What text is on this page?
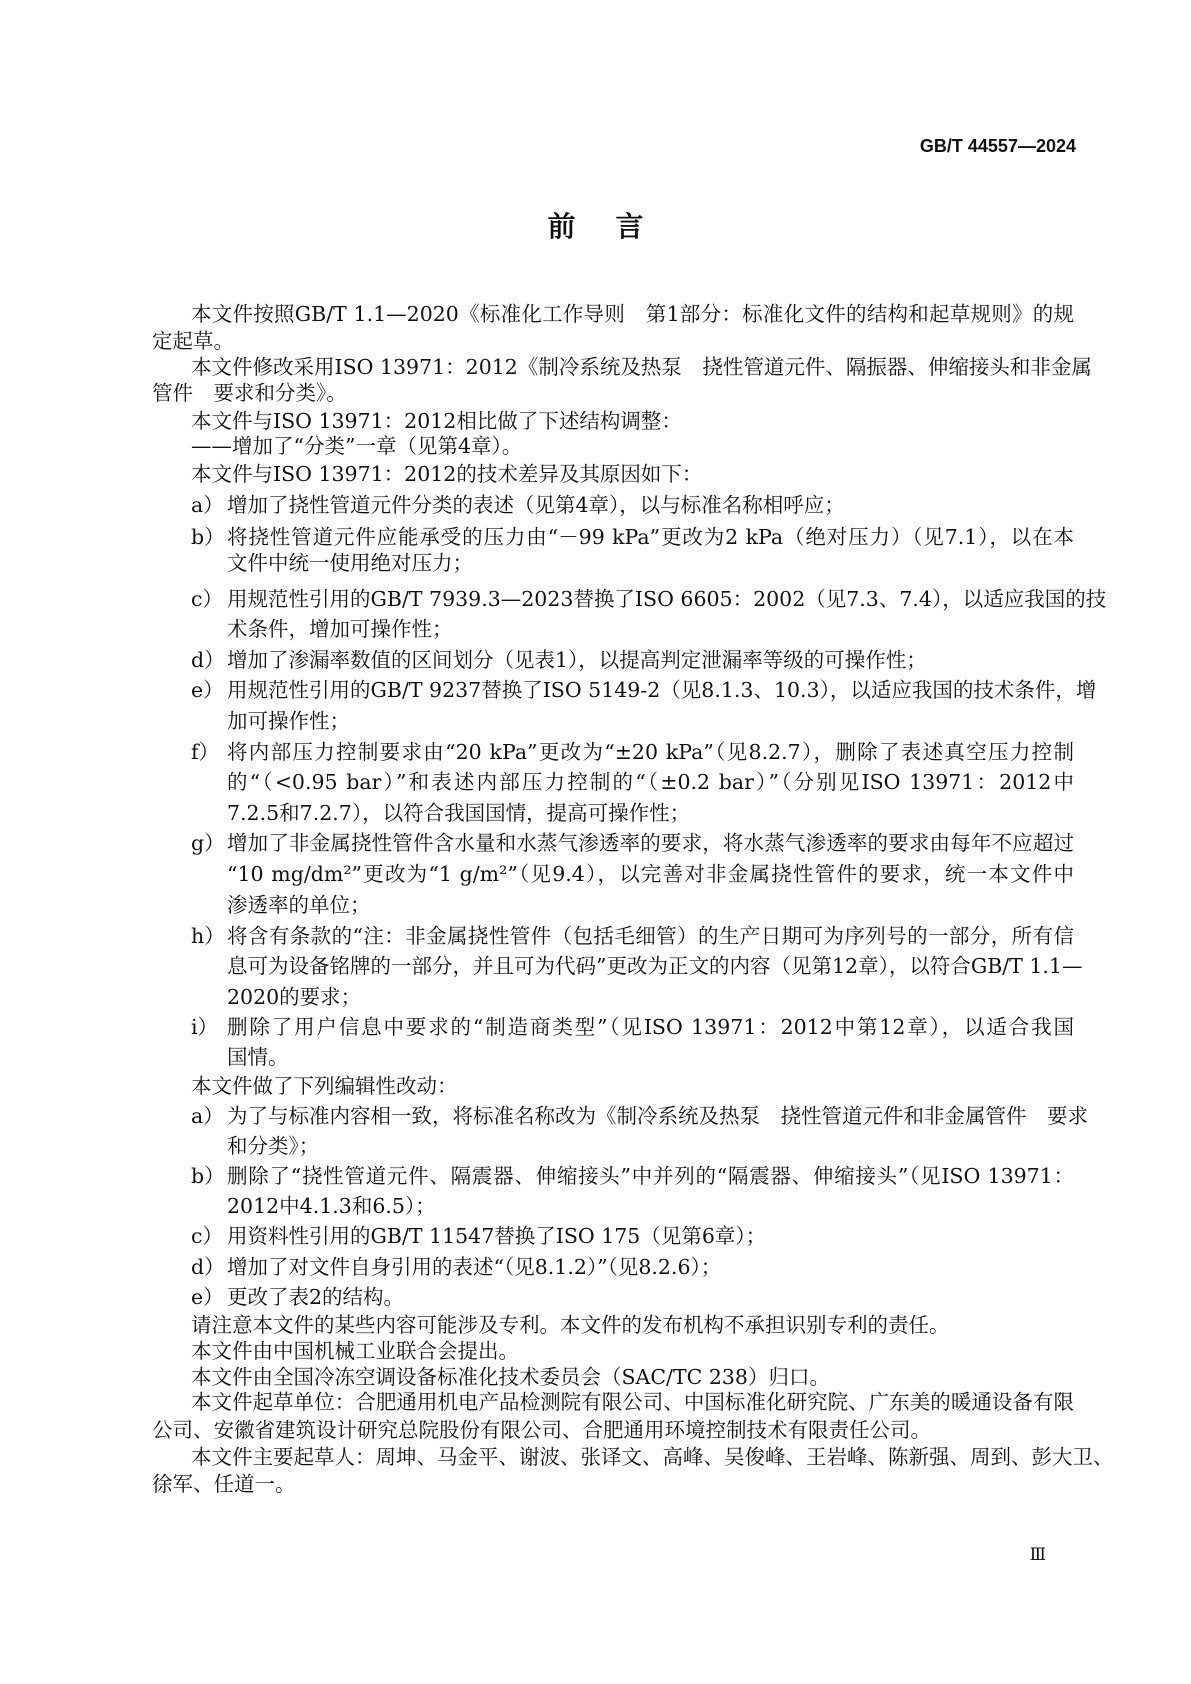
GB/T 44557—2024
前言
本文件按照GB/T 1.1—2020《标准化工作导则　第1部分：标准化文件的结构和起草规则》的规
定起草。
本文件修改采用ISO 13971：2012《制冷系统及热泵　挠性管道元件、隔振器、伸缩接头和非金属
管件　要求和分类》。
本文件与ISO 13971：2012相比做了下述结构调整：
——增加了“分类”一章（见第4章）。
本文件与ISO 13971：2012的技术差异及其原因如下：
a） 增加了挠性管道元件分类的表述（见第4章），以与标准名称相呼应；
b） 将挠性管道元件应能承受的压力由“－99 kPa”更改为2 kPa（绝对压力）（见7.1），以在本
文件中统一使用绝对压力；
c） 用规范性引用的GB/T 7939.3—2023替换了ISO 6605：2002（见7.3、7.4），以适应我国的技
术条件，增加可操作性；
d） 增加了渗漏率数值的区间划分（见表1），以提高判定泄漏率等级的可操作性；
e） 用规范性引用的GB/T 9237替换了ISO 5149-2（见8.1.3、10.3），以适应我国的技术条件，增
加可操作性；
f） 将内部压力控制要求由“20 kPa”更改为“±20 kPa”（见8.2.7），删除了表述真空压力控制
的“（<0.95 bar）”和表述内部压力控制的“（±0.2 bar）”（分别见ISO 13971：2012中
7.2.5和7.2.7），以符合我国国情，提高可操作性；
g） 增加了非金属挠性管件含水量和水蒸气渗透率的要求，将水蒸气渗透率的要求由每年不应超过
“10 mg/dm²”更改为“1 g/m²”（见9.4），以完善对非金属挠性管件的要求，统一本文件中
渗透率的单位；
h） 将含有条款的“注：非金属挠性管件（包括毛细管）的生产日期可为序列号的一部分，所有信
息可为设备铭牌的一部分，并且可为代码”更改为正文的内容（见第12章），以符合GB/T 1.1—
2020的要求；
i） 删除了用户信息中要求的“制造商类型”（见ISO 13971：2012中第12章），以适合我国
国情。
本文件做了下列编辑性改动：
a） 为了与标准内容相一致，将标准名称改为《制冷系统及热泵　挠性管道元件和非金属管件　要求
和分类》；
b） 删除了“挠性管道元件、隔震器、伸缩接头”中并列的“隔震器、伸缩接头”（见ISO 13971：
2012中4.1.3和6.5）；
c） 用资料性引用的GB/T 11547替换了ISO 175（见第6章）；
d） 增加了对文件自身引用的表述“（见8.1.2）”（见8.2.6）；
e） 更改了表2的结构。
请注意本文件的某些内容可能涉及专利。本文件的发布机构不承担识别专利的责任。
本文件由中国机械工业联合会提出。
本文件由全国冷冻空调设备标准化技术委员会（SAC/TC 238）归口。
本文件起草单位：合肥通用机电产品检测院有限公司、中国标准化研究院、广东美的暖通设备有限
公司、安徽省建筑设计研究总院股份有限公司、合肥通用环境控制技术有限责任公司。
本文件主要起草人：周坤、马金平、谢波、张译文、高峰、吴俊峰、王岩峰、陈新强、周到、彭大卫、
徐军、任道一。
Ⅲ
